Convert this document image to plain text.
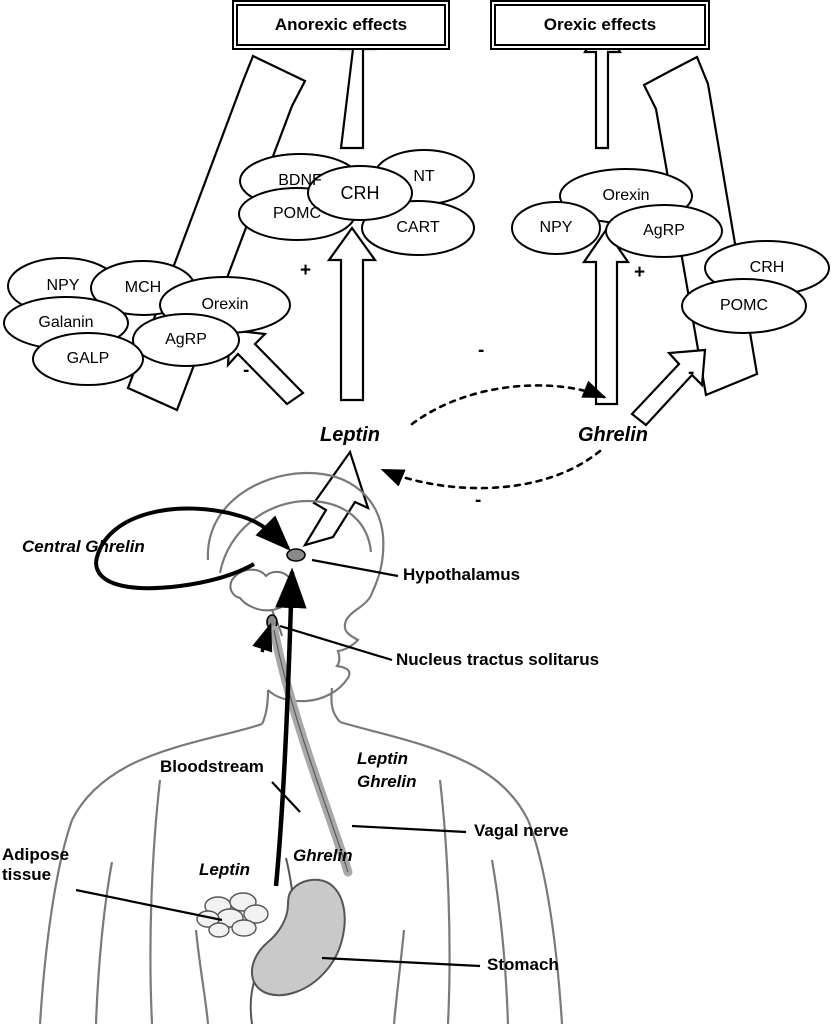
Anorexic effects	Orexic effects
BDNF	NT
CRH
POMC
CART
Orexin
NPY	AgRP
NPY	MCH
Orexin
Galanin
AgRP
GALP
CRH
POMC
Leptin	Ghrelin
+	+
-	-
-
-
Central Ghrelin
Hypothalamus
Nucleus tractus solitarus
Bloodstream	Leptin
Ghrelin
Vagal nerve
Adipose
tissue	Leptin
Ghrelin
Stomach
